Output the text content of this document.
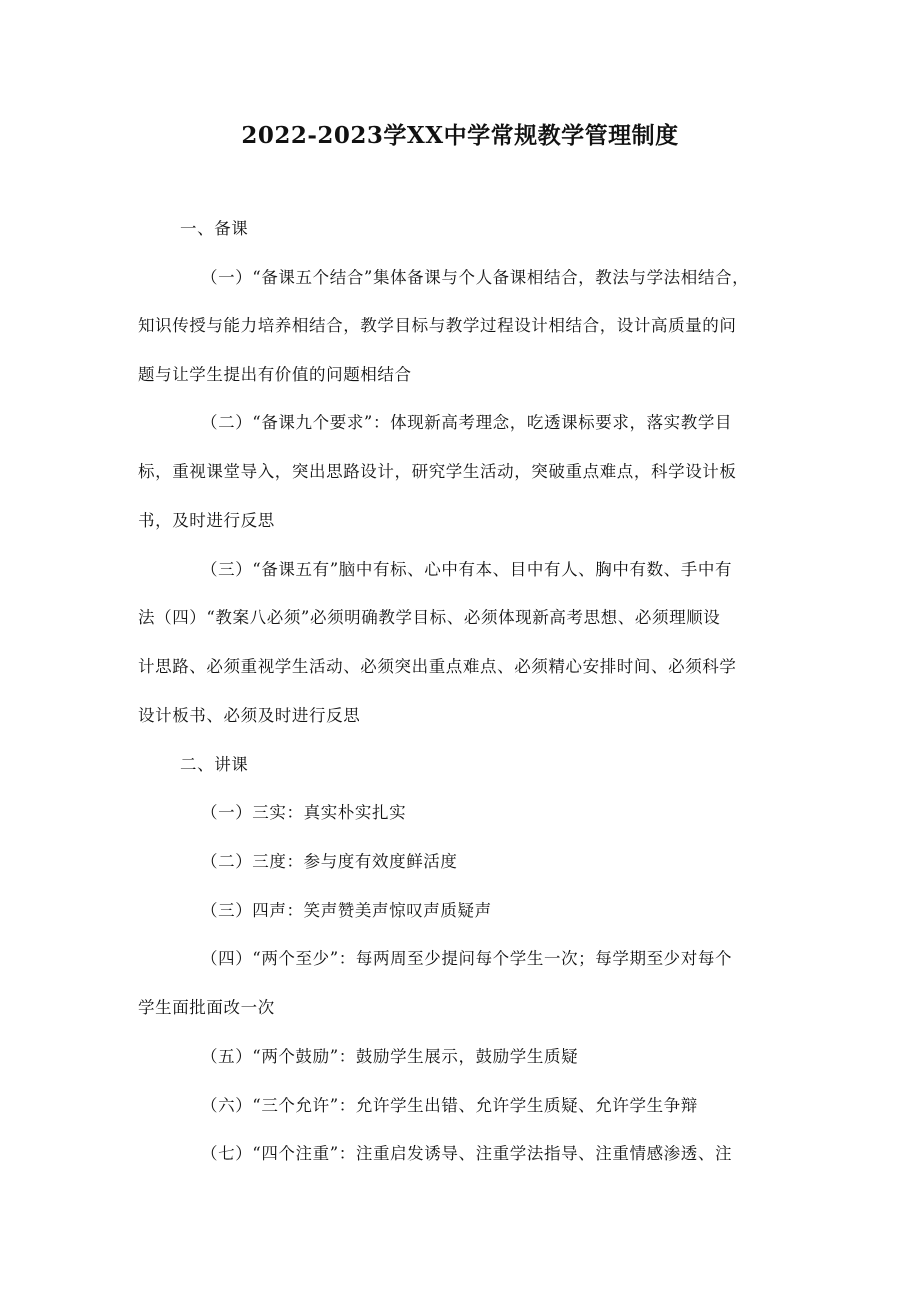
2022-2023学XX中学常规教学管理制度
一、备课
（一）“备课五个结合”集体备课与个人备课相结合，教法与学法相结合，
知识传授与能力培养相结合，教学目标与教学过程设计相结合，设计高质量的问
题与让学生提出有价值的问题相结合
（二）“备课九个要求”：体现新高考理念，吃透课标要求，落实教学目
标，重视课堂导入，突出思路设计，研究学生活动，突破重点难点，科学设计板
书，及时进行反思
（三）“备课五有”脑中有标、心中有本、目中有人、胸中有数、手中有
法（四）“教案八必须”必须明确教学目标、必须体现新高考思想、必须理顺设
计思路、必须重视学生活动、必须突出重点难点、必须精心安排时间、必须科学
设计板书、必须及时进行反思
二、讲课
（一）三实：真实朴实扎实
（二）三度：参与度有效度鲜活度
（三）四声：笑声赞美声惊叹声质疑声
（四）“两个至少”：每两周至少提问每个学生一次；每学期至少对每个
学生面批面改一次
（五）“两个鼓励”：鼓励学生展示，鼓励学生质疑
（六）“三个允许”：允许学生出错、允许学生质疑、允许学生争辩
（七）“四个注重”：注重启发诱导、注重学法指导、注重情感渗透、注
